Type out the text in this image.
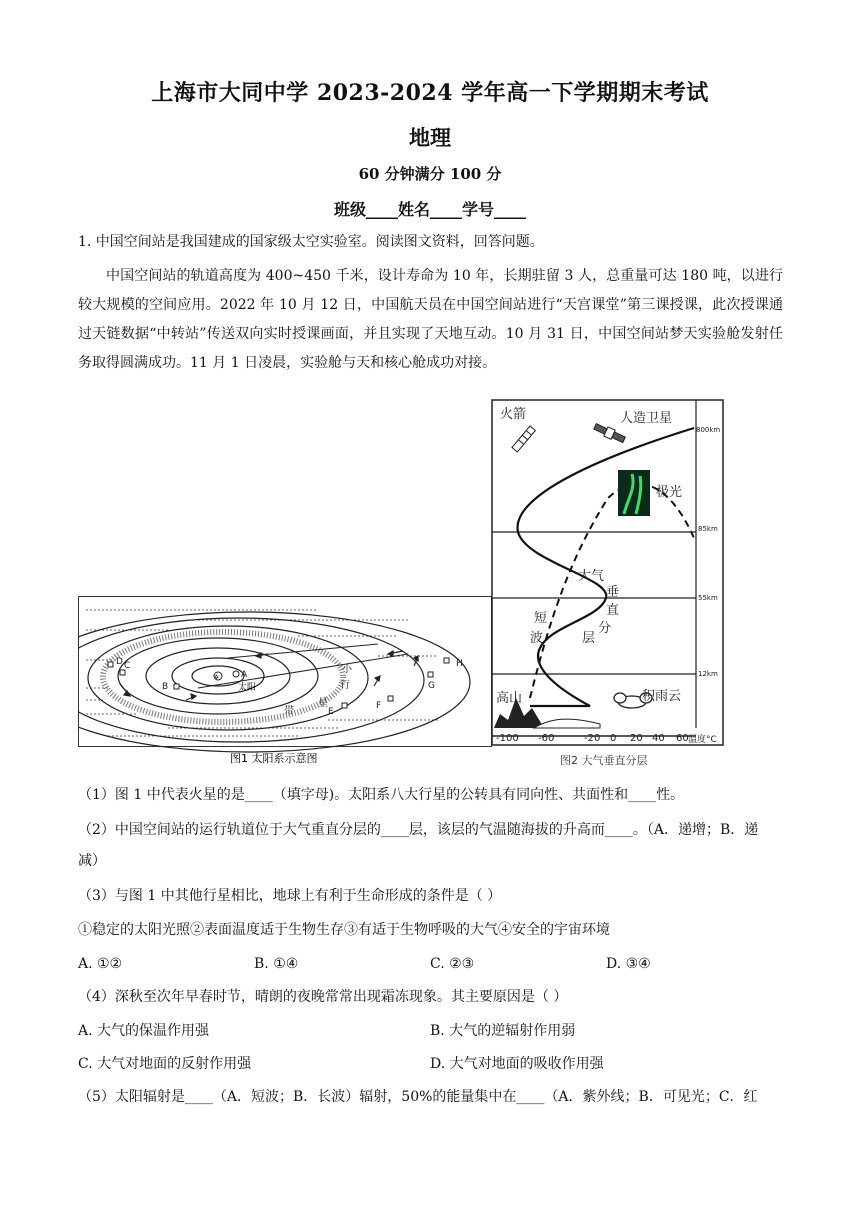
上海市大同中学 2023-2024 学年高一下学期期末考试
地理
60 分钟满分 100 分
班级____姓名____学号____
1. 中国空间站是我国建成的国家级太空实验室。阅读图文资料，回答问题。
中国空间站的轨道高度为 400~450 千米，设计寿命为 10 年，长期驻留 3 人，总重量可达 180 吨，以进行较大规模的空间应用。2022 年 10 月 12 日，中国航天员在中国空间站进行“天宫课堂”第三课授课，此次授课通过天链数据“中转站”传送双向实时授课画面，并且实现了天地互动。10 月 31 日，中国空间站梦天实验舱发射任务取得圆满成功。11 月 1 日凌晨，实验舱与天和核心舱成功对接。
✲
太阳
A
B
C
D
E
F
G
H
小
行
星
带
图1 太阳系示意图
800km
85km
55km
12km
火箭	人造卫星
极光
高山	积雨云
大气
垂
直
分
层
短
波
-100 -60	-20 0 20 40 60 温度°C
图2 大气垂直分层
（1）图 1 中代表火星的是____（填字母)。太阳系八大行星的公转具有同向性、共面性和____性。
（2）中国空间站的运行轨道位于大气重直分层的____层，该层的气温随海拔的升高而____。（A．递增；B．递
减）
（3）与图 1 中其他行星相比，地球上有利于生命形成的条件是（ ）
①稳定的太阳光照②表面温度适于生物生存③有适于生物呼吸的大气④安全的宇宙环境
A. ①②	B. ①④	C. ②③	D. ③④
（4）深秋至次年早春时节，晴朗的夜晚常常出现霜冻现象。其主要原因是（ ）
A. 大气的保温作用强	B. 大气的逆辐射作用弱
C. 大气对地面的反射作用强	D. 大气对地面的吸收作用强
（5）太阳辐射是____（A．短波；B．长波）辐射，50%的能量集中在____（A．紫外线；B．可见光；C．红
